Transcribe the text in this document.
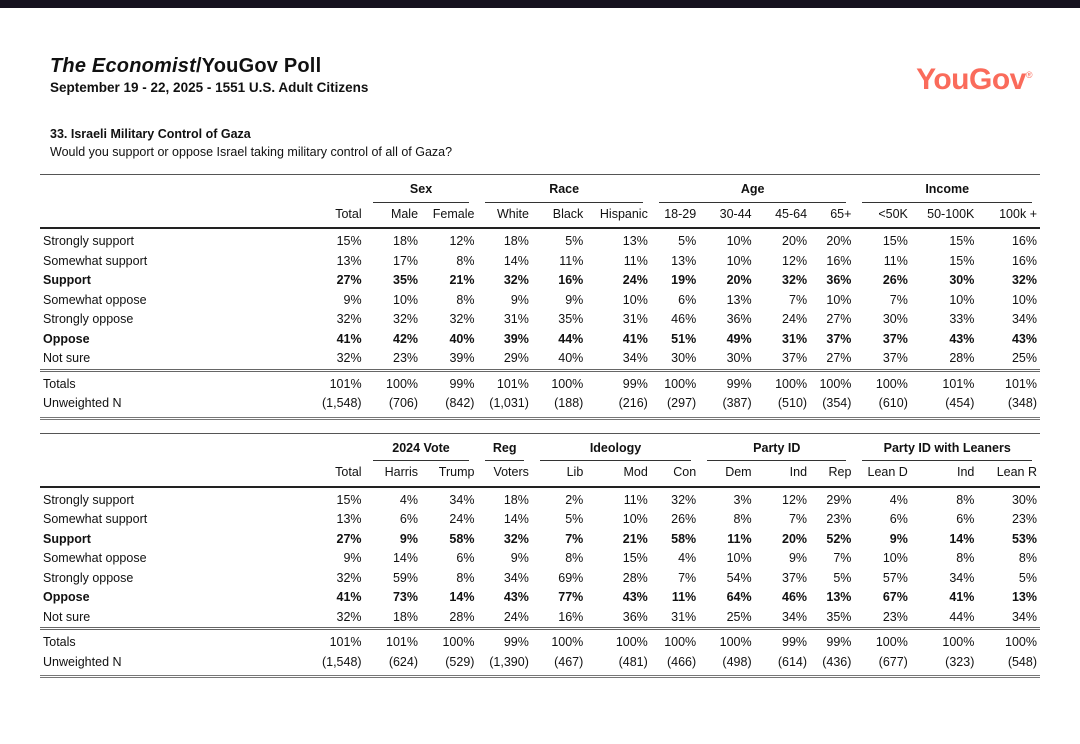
The Economist/YouGov Poll
September 19 - 22, 2025 - 1551 U.S. Adult Citizens	YouGov®
33. Israeli Military Control of Gaza
Would you support or oppose Israel taking military control of all of Gaza?

		Sex		Race			Age				Income		

	Total	Male	Female	White	Black	Hispanic	18-29	30-44	45-64	65+	<50K	50-100K	100k +
Strongly support	15%	18%	12%	18%	5%	13%	5%	10%	20%	20%	15%	15%	16%
Somewhat support	13%	17%	8%	14%	11%	11%	13%	10%	12%	16%	11%	15%	16%
Support	27%	35%	21%	32%	16%	24%	19%	20%	32%	36%	26%	30%	32%
Somewhat oppose	9%	10%	8%	9%	9%	10%	6%	13%	7%	10%	7%	10%	10%
Strongly oppose	32%	32%	32%	31%	35%	31%	46%	36%	24%	27%	30%	33%	34%
Oppose	41%	42%	40%	39%	44%	41%	51%	49%	31%	37%	37%	43%	43%
Not sure	32%	23%	39%	29%	40%	34%	30%	30%	37%	27%	37%	28%	25%
Totals	101%	100%	99%	101%	100%	99%	100%	99%	100%	100%	100%	101%	101%
Unweighted N	(1,548)	(706)	(842)	(1,031)	(188)	(216)	(297)	(387)	(510)	(354)	(610)	(454)	(348)

		2024 Vote		Reg	Ideology			Party ID			Party ID with Leaners		

	Total	Harris	Trump	Voters	Lib	Mod	Con	Dem	Ind	Rep	Lean D	Ind	Lean R
Strongly support	15%	4%	34%	18%	2%	11%	32%	3%	12%	29%	4%	8%	30%
Somewhat support	13%	6%	24%	14%	5%	10%	26%	8%	7%	23%	6%	6%	23%
Support	27%	9%	58%	32%	7%	21%	58%	11%	20%	52%	9%	14%	53%
Somewhat oppose	9%	14%	6%	9%	8%	15%	4%	10%	9%	7%	10%	8%	8%
Strongly oppose	32%	59%	8%	34%	69%	28%	7%	54%	37%	5%	57%	34%	5%
Oppose	41%	73%	14%	43%	77%	43%	11%	64%	46%	13%	67%	41%	13%
Not sure	32%	18%	28%	24%	16%	36%	31%	25%	34%	35%	23%	44%	34%
Totals	101%	101%	100%	99%	100%	100%	100%	100%	99%	99%	100%	100%	100%
Unweighted N	(1,548)	(624)	(529)	(1,390)	(467)	(481)	(466)	(498)	(614)	(436)	(677)	(323)	(548)
